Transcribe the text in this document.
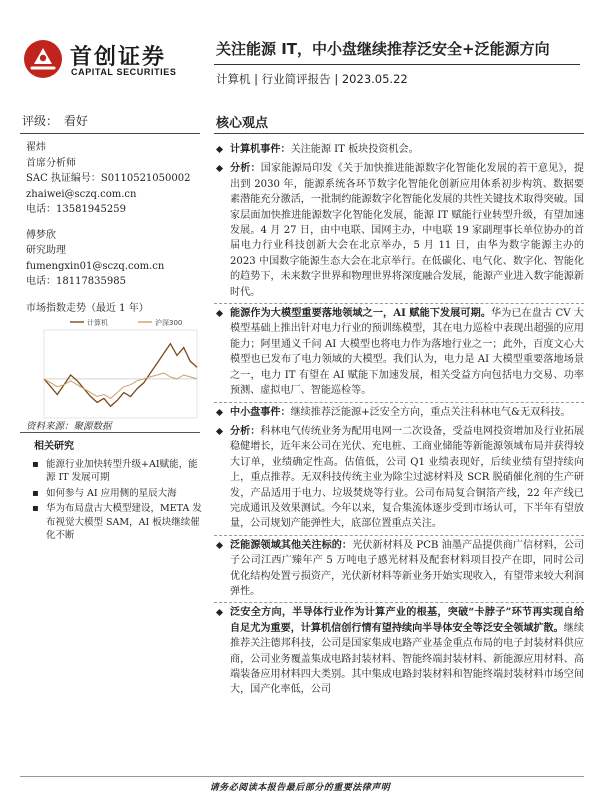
首创证券
CAPITAL SECURITIES
关注能源 IT，中小盘继续推荐泛安全+泛能源方向
计算机 | 行业简评报告 | 2023.05.22
评级： 看好	核心观点
翟炜
首席分析师
SAC 执证编号：S0110521050002
zhaiwei@sczq.com.cn
电话：13581945259
傅梦欣
研究助理
fumengxin01@sczq.com.cn
电话：18117835985
市场指数走势（最近 1 年）
计算机	沪深300
资料来源：聚源数据
相关研究
▪ 能源行业加快转型升级+AI赋能，能源 IT 发展可期
▪ 如何参与 AI 应用侧的星辰大海
▪ 华为布局盘古大模型建设，META 发布视觉大模型 SAM，AI 板块继续催化不断
计算机事件：关注能源 IT 板块投资机会。
分析：国家能源局印发《关于加快推进能源数字化智能化发展的若干意见》，提出到 2030 年，能源系统各环节数字化智能化创新应用体系初步构筑、数据要素潜能充分激活，一批制约能源数字化智能化发展的共性关键技术取得突破。国家层面加快推进能源数字化智能化发展，能源 IT 赋能行业转型升级，有望加速发展。4 月 27 日，由中电联、国网主办，中电联 19 家副理事长单位协办的首届电力行业科技创新大会在北京举办，5 月 11 日，由华为数字能源主办的 2023 中国数字能源生态大会在北京举行。在低碳化、电气化、数字化、智能化的趋势下，未来数字世界和物理世界将深度融合发展，能源产业进入数字能源新时代。
能源作为大模型重要落地领域之一，AI 赋能下发展可期。华为已在盘古 CV 大模型基础上推出针对电力行业的预训练模型，其在电力巡检中表现出超强的应用能力；阿里通义千问 AI 大模型也将电力作为落地行业之一；此外，百度文心大模型也已发布了电力领域的大模型。我们认为，电力是 AI 大模型重要落地场景之一，电力 IT 有望在 AI 赋能下加速发展，相关受益方向包括电力交易、功率预测、虚拟电厂、智能巡检等。
中小盘事件：继续推荐泛能源+泛安全方向，重点关注科林电气&无双科技。
分析：科林电气传统业务为配用电网一二次设备，受益电网投资增加及行业拓展稳健增长，近年来公司在光伏、充电桩、工商业储能等新能源领域布局并获得较大订单，业绩确定性高。估值低，公司 Q1 业绩表现好，后续业绩有望持续向上，重点推荐。无双科技传统主业为除尘过滤材料及 SCR 脱硝催化剂的生产研发，产品适用于电力、垃圾焚烧等行业。公司布局复合铜箔产线，22 年产线已完成通讯及效果测试。今年以来，复合集流体逐步受到市场认可，下半年有望放量，公司规划产能弹性大，底部位置重点关注。
泛能源领域其他关注标的：光伏新材料及 PCB 油墨产品提供商广信材料，公司子公司江西广臻年产 5 万吨电子感光材料及配套材料项目投产在即，同时公司优化结构处置亏损资产，光伏新材料等新业务开始实现收入，有望带来较大利润弹性。
泛安全方向，半导体行业作为计算产业的根基，突破“卡脖子”环节再实现自给自足尤为重要，计算机信创行情有望持续向半导体安全等泛安全领域扩散。继续推荐关注德邦科技，公司是国家集成电路产业基金重点布局的电子封装材料供应商，公司业务覆盖集成电路封装材料、智能终端封装材料、新能源应用材料、高端装备应用材料四大类别。其中集成电路封装材料和智能终端封装材料市场空间大，国产化率低，公司
请务必阅读本报告最后部分的重要法律声明
